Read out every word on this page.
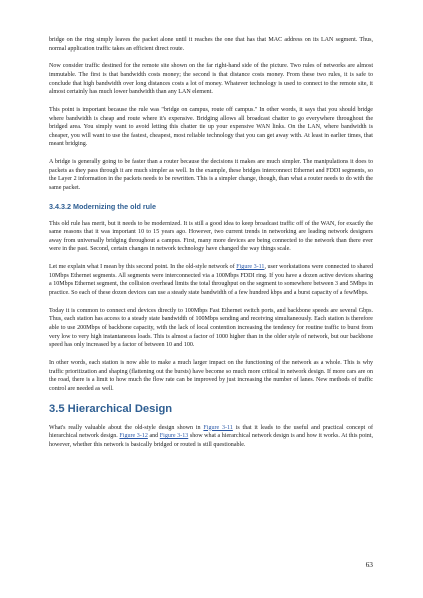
bridge on the ring simply leaves the packet alone until it reaches the one that has that MAC address on its LAN segment. Thus, normal application traffic takes an efficient direct route.

Now consider traffic destined for the remote site shown on the far right-hand side of the picture. Two rules of networks are almost immutable. The first is that bandwidth costs money; the second is that distance costs money. From these two rules, it is safe to conclude that high bandwidth over long distances costs a lot of money. Whatever technology is used to connect to the remote site, it almost certainly has much lower bandwidth than any LAN element.

This point is important because the rule was "bridge on campus, route off campus." In other words, it says that you should bridge where bandwidth is cheap and route where it's expensive. Bridging allows all broadcast chatter to go everywhere throughout the bridged area. You simply want to avoid letting this chatter tie up your expensive WAN links. On the LAN, where bandwidth is cheaper, you will want to use the fastest, cheapest, most reliable technology that you can get away with. At least in earlier times, that meant bridging.

A bridge is generally going to be faster than a router because the decisions it makes are much simpler. The manipulations it does to packets as they pass through it are much simpler as well. In the example, these bridges interconnect Ethernet and FDDI segments, so the Layer 2 information in the packets needs to be rewritten. This is a simpler change, though, than what a router needs to do with the same packet.

3.4.3.2 Modernizing the old rule

This old rule has merit, but it needs to be modernized. It is still a good idea to keep broadcast traffic off of the WAN, for exactly the same reasons that it was important 10 to 15 years ago. However, two current trends in networking are leading network designers away from universally bridging throughout a campus. First, many more devices are being connected to the network than there ever were in the past. Second, certain changes in network technology have changed the way things scale.

Let me explain what I mean by this second point. In the old-style network of Figure 3-11, user workstations were connected to shared 10Mbps Ethernet segments. All segments were interconnected via a 100Mbps FDDI ring. If you have a dozen active devices sharing a 10Mbps Ethernet segment, the collision overhead limits the total throughput on the segment to somewhere between 3 and 5Mbps in practice. So each of these dozen devices can use a steady state bandwidth of a few hundred kbps and a burst capacity of a fewMbps.

Today it is common to connect end devices directly to 100Mbps Fast Ethernet switch ports, and backbone speeds are several Gbps. Thus, each station has access to a steady state bandwidth of 100Mbps sending and receiving simultaneously. Each station is therefore able to use 200Mbps of backbone capacity, with the lack of local contention increasing the tendency for routine traffic to burst from very low to very high instantaneous loads. This is almost a factor of 1000 higher than in the older style of network, but our backbone speed has only increased by a factor of between 10 and 100.

In other words, each station is now able to make a much larger impact on the functioning of the network as a whole. This is why traffic prioritization and shaping (flattening out the bursts) have become so much more critical in network design. If more cars are on the road, there is a limit to how much the flow rate can be improved by just increasing the number of lanes. New methods of traffic control are needed as well.

3.5 Hierarchical Design

What's really valuable about the old-style design shown in Figure 3-11 is that it leads to the useful and practical concept of hierarchical network design. Figure 3-12 and Figure 3-13 show what a hierarchical network design is and how it works. At this point, however, whether this network is basically bridged or routed is still questionable.

63
